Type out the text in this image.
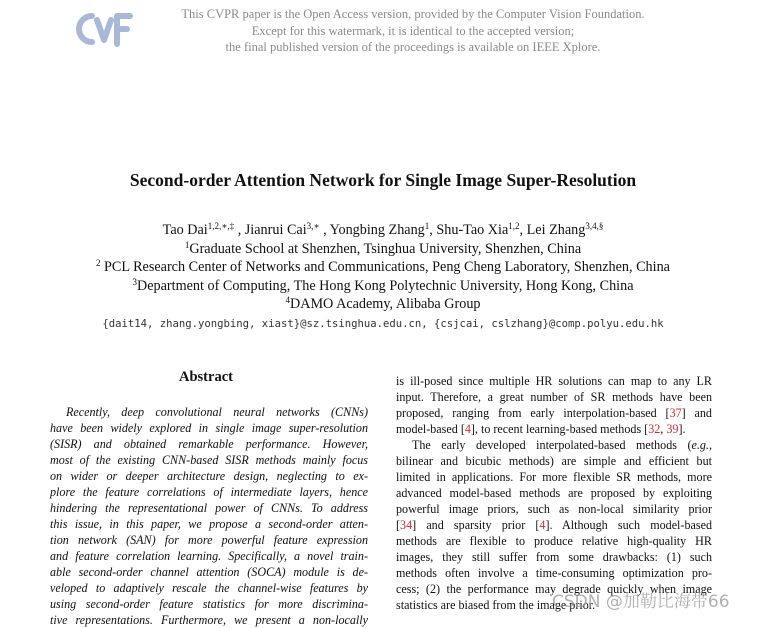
This CVPR paper is the Open Access version, provided by the Computer Vision Foundation.
Except for this watermark, it is identical to the accepted version;
the final published version of the proceedings is available on IEEE Xplore.
Second-order Attention Network for Single Image Super-Resolution
Tao Dai$^{1,2,∗,\ddagger}$ , Jianrui Cai$^{3,∗}$ , Yongbing Zhang$^1$, Shu-Tao Xia$^{1,2}$, Lei Zhang$^{3,4,\S}$
$^1$Graduate School at Shenzhen, Tsinghua University, Shenzhen, China
$^2$ PCL Research Center of Networks and Communications, Peng Cheng Laboratory, Shenzhen, China
$^3$Department of Computing, The Hong Kong Polytechnic University, Hong Kong, China
$^4$DAMO Academy, Alibaba Group
{dait14, zhang.yongbing, xiast}@sz.tsinghua.edu.cn, {csjcai, cslzhang}@comp.polyu.edu.hk
Abstract
Recently, deep convolutional neural networks (CNNs)
have been widely explored in single image super-resolution
(SISR) and obtained remarkable performance. However,
most of the existing CNN-based SISR methods mainly focus
on wider or deeper architecture design, neglecting to ex-
plore the feature correlations of intermediate layers, hence
hindering the representational power of CNNs. To address
this issue, in this paper, we propose a second-order atten-
tion network (SAN) for more powerful feature expression
and feature correlation learning. Specifically, a novel train-
able second-order channel attention (SOCA) module is de-
veloped to adaptively rescale the channel-wise features by
using second-order feature statistics for more discrimina-
tive representations. Furthermore, we present a non-locally
is ill-posed since multiple HR solutions can map to any LR
input. Therefore, a great number of SR methods have been
proposed, ranging from early interpolation-based [37] and
model-based [4], to recent learning-based methods [32, 39].
The early developed interpolated-based methods (e.g.,
bilinear and bicubic methods) are simple and efficient but
limited in applications. For more flexible SR methods, more
advanced model-based methods are proposed by exploiting
powerful image priors, such as non-local similarity prior
[34] and sparsity prior [4]. Although such model-based
methods are flexible to produce relative high-quality HR
images, they still suffer from some drawbacks: (1) such
methods often involve a time-consuming optimization pro-
cess; (2) the performance may degrade quickly when image
statistics are biased from the image prior.
CSDN @加勒比海带66
